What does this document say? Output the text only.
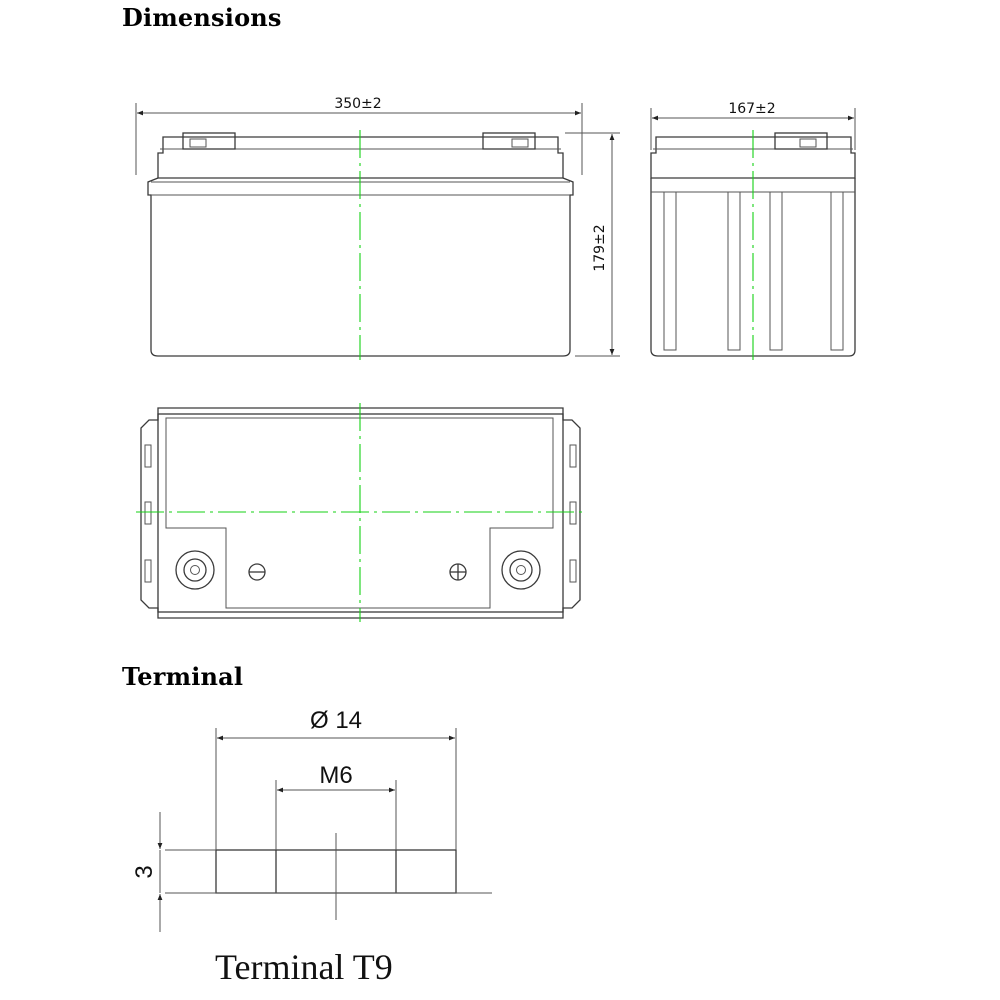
Dimensions
Terminal
350±2
179±2
167±2
Ø 14
M6
3

Terminal T9
